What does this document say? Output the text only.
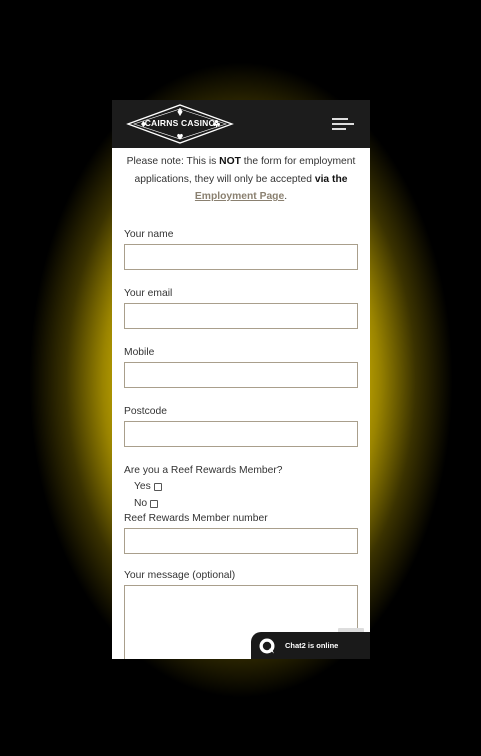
CAIRNS CASINO
Please note: This is NOT the form for employment applications, they will only be accepted via the
Employment Page.
Your name
Your email
Mobile
Postcode
Are you a Reef Rewards Member?
Yes
No
Reef Rewards Member number
Your message (optional)
Chat2 is online
